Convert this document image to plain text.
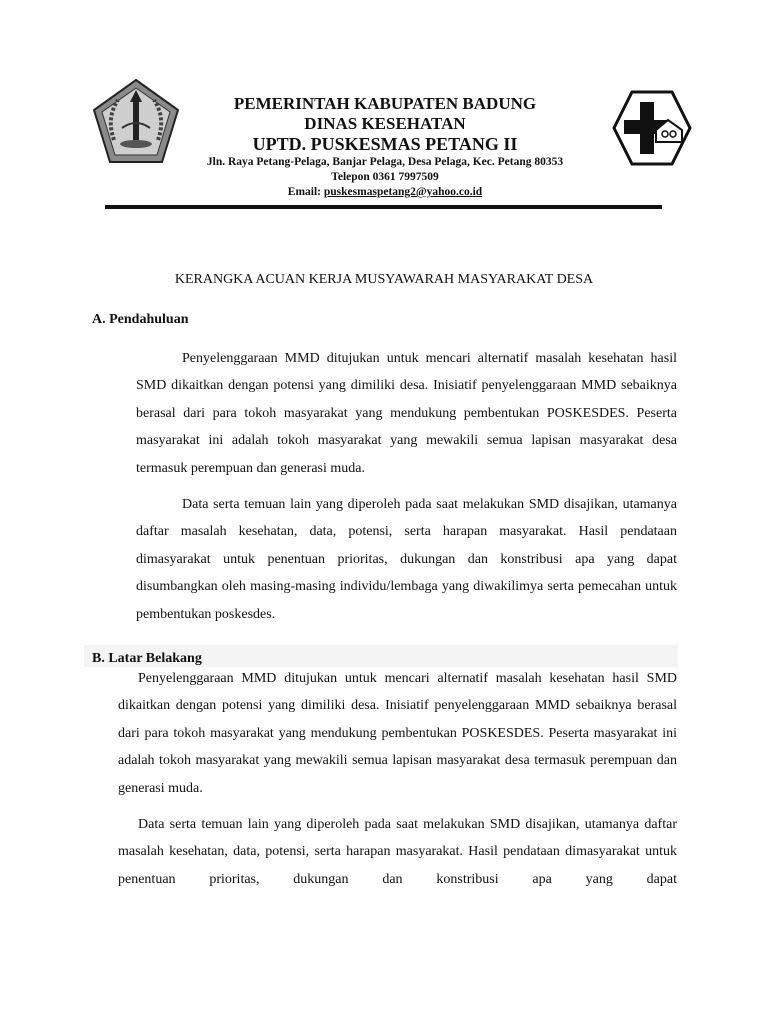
PEMERINTAH KABUPATEN BADUNG
DINAS KESEHATAN
UPTD. PUSKESMAS PETANG II
Jln. Raya Petang-Pelaga, Banjar Pelaga, Desa Pelaga, Kec. Petang 80353
Telepon 0361 7997509
Email: puskesmaspetang2@yahoo.co.id
KERANGKA ACUAN KERJA MUSYAWARAH MASYARAKAT DESA
A. Pendahuluan
Penyelenggaraan MMD ditujukan untuk mencari alternatif masalah kesehatan hasil SMD dikaitkan dengan potensi yang dimiliki desa. Inisiatif penyelenggaraan MMD sebaiknya berasal dari para tokoh masyarakat yang mendukung pembentukan POSKESDES. Peserta masyarakat ini adalah tokoh masyarakat yang mewakili semua lapisan masyarakat desa termasuk perempuan dan generasi muda.
Data serta temuan lain yang diperoleh pada saat melakukan SMD disajikan, utamanya daftar masalah kesehatan, data, potensi, serta harapan masyarakat. Hasil pendataan dimasyarakat untuk penentuan prioritas, dukungan dan konstribusi apa yang dapat disumbangkan oleh masing-masing individu/lembaga yang diwakilimya serta pemecahan untuk pembentukan poskesdes.
B. Latar Belakang
Penyelenggaraan MMD ditujukan untuk mencari alternatif masalah kesehatan hasil SMD dikaitkan dengan potensi yang dimiliki desa. Inisiatif penyelenggaraan MMD sebaiknya berasal dari para tokoh masyarakat yang mendukung pembentukan POSKESDES. Peserta masyarakat ini adalah tokoh masyarakat yang mewakili semua lapisan masyarakat desa termasuk perempuan dan generasi muda.
Data serta temuan lain yang diperoleh pada saat melakukan SMD disajikan, utamanya daftar masalah kesehatan, data, potensi, serta harapan masyarakat. Hasil pendataan dimasyarakat untuk penentuan prioritas, dukungan dan konstribusi apa yang dapat
